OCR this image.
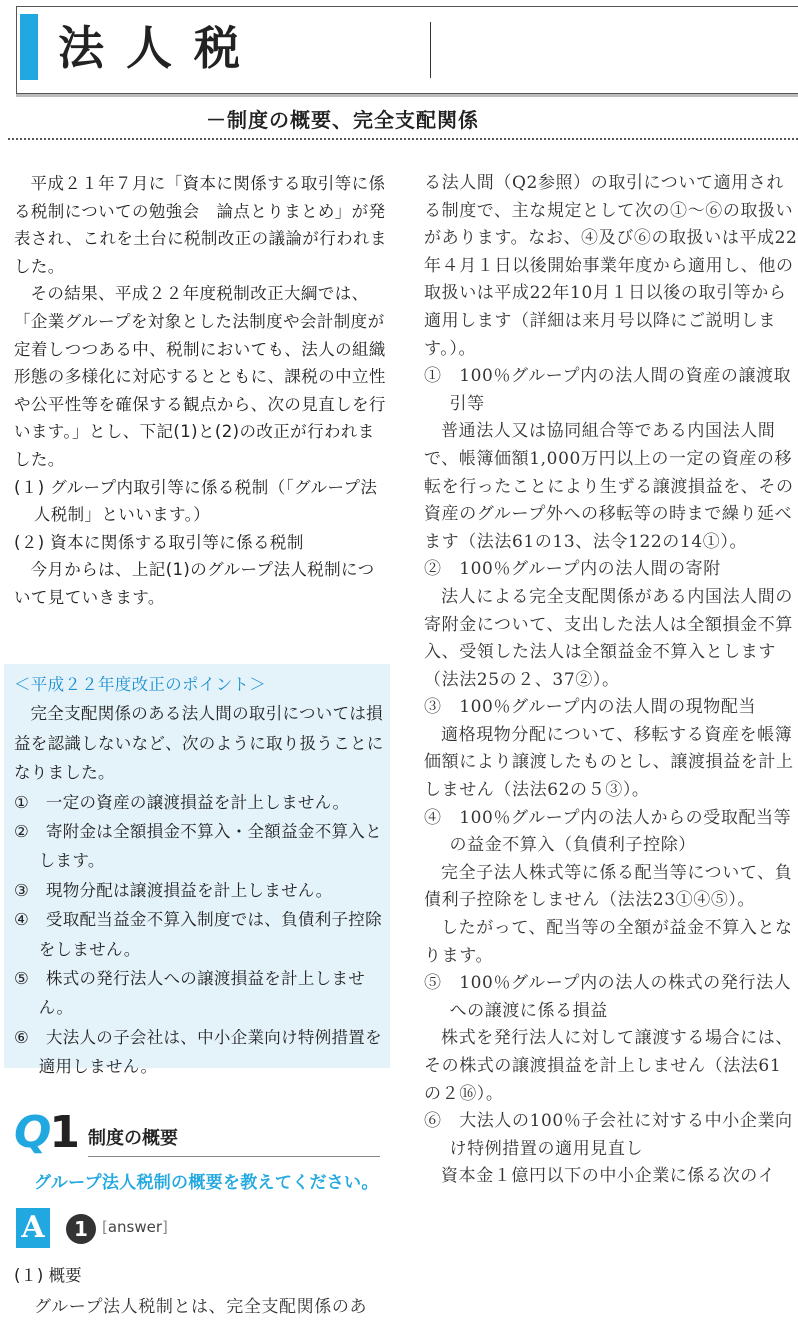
法人税
－制度の概要、完全支配関係

平成２１年７月に「資本に関係する取引等に係る税制についての勉強会　論点とりまとめ」が発表され、これを土台に税制改正の議論が行われました。

その結果、平成２２年度税制改正大綱では、「企業グループを対象とした法制度や会計制度が定着しつつある中、税制においても、法人の組織形態の多様化に対応するとともに、課税の中立性や公平性等を確保する観点から、次の見直しを行います。」とし、下記(1)と(2)の改正が行われました。

(１) グループ内取引等に係る税制（「グループ法人税制」といいます。）

(２) 資本に関係する取引等に係る税制

今月からは、上記(1)のグループ法人税制について見ていきます。

＜平成２２年度改正のポイント＞

完全支配関係のある法人間の取引については損益を認識しないなど、次のように取り扱うことになりました。

①　一定の資産の譲渡損益を計上しません。

②　寄附金は全額損金不算入・全額益金不算入とします。

③　現物分配は譲渡損益を計上しません。

④　受取配当益金不算入制度では、負債利子控除をしません。

⑤　株式の発行法人への譲渡損益を計上しません。

⑥　大法人の子会社は、中小企業向け特例措置を適用しません。

Q1 制度の概要
グループ法人税制の概要を教えてください。
A	1 [answer]
(１) 概要
グループ法人税制とは、完全支配関係のあ

る法人間（Q2参照）の取引について適用される制度で、主な規定として次の①～⑥の取扱いがあります。なお、④及び⑥の取扱いは平成22年４月１日以後開始事業年度から適用し、他の取扱いは平成22年10月１日以後の取引等から適用します（詳細は来月号以降にご説明します。）。

①　100％グループ内の法人間の資産の譲渡取引等

普通法人又は協同組合等である内国法人間で、帳簿価額1,000万円以上の一定の資産の移転を行ったことにより生ずる譲渡損益を、その資産のグループ外への移転等の時まで繰り延べます（法法61の13、法令122の14①）。

②　100％グループ内の法人間の寄附

法人による完全支配関係がある内国法人間の寄附金について、支出した法人は全額損金不算入、受領した法人は全額益金不算入とします（法法25の２、37②）。

③　100％グループ内の法人間の現物配当

適格現物分配について、移転する資産を帳簿価額により譲渡したものとし、譲渡損益を計上しません（法法62の５③）。

④　100％グループ内の法人からの受取配当等の益金不算入（負債利子控除）

完全子法人株式等に係る配当等について、負債利子控除をしません（法法23①④⑤）。

したがって、配当等の全額が益金不算入となります。

⑤　100％グループ内の法人の株式の発行法人への譲渡に係る損益

株式を発行法人に対して譲渡する場合には、その株式の譲渡損益を計上しません（法法61の２⑯）。

⑥　大法人の100％子会社に対する中小企業向け特例措置の適用見直し

資本金１億円以下の中小企業に係る次のイ
